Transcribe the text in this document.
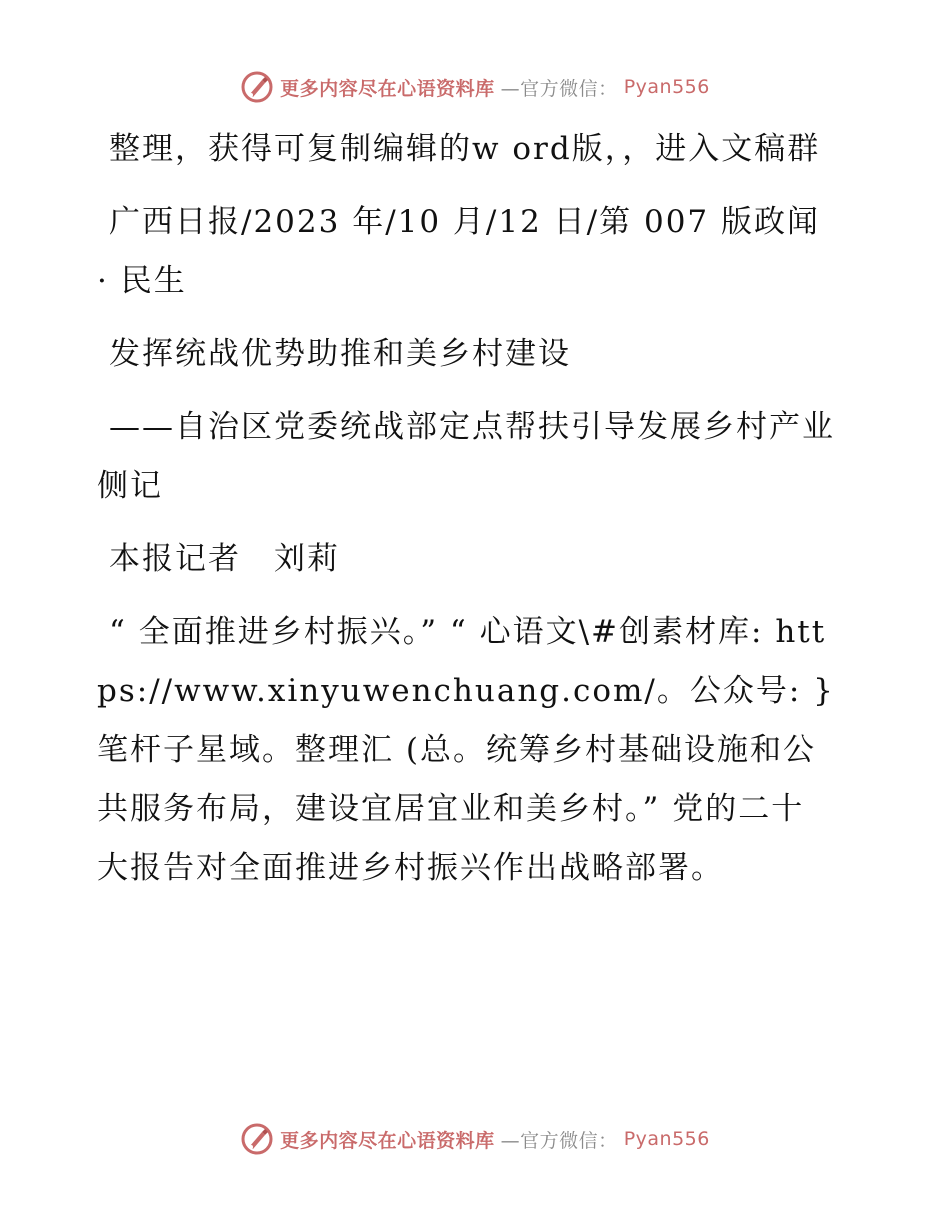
更多内容尽在心语资料库 —官方微信： Pyan556

整理，获得可复制编辑的w ord版，，进入文稿群

广西日报/2023 年/10 月/12 日/第 007 版政闻 · 民生

发挥统战优势助推和美乡村建设

——自治区党委统战部定点帮扶引导发展乡村产业侧记

本报记者　刘莉

“ 全面推进乡村振兴。” “ 心语文\#创素材库: https://www.xinyuwenchuang.com/。公众号: }笔杆子星域。整理汇 (总。统筹乡村基础设施和公共服务布局，建设宜居宜业和美乡村。” 党的二十大报告对全面推进乡村振兴作出战略部署。

更多内容尽在心语资料库 —官方微信： Pyan556
